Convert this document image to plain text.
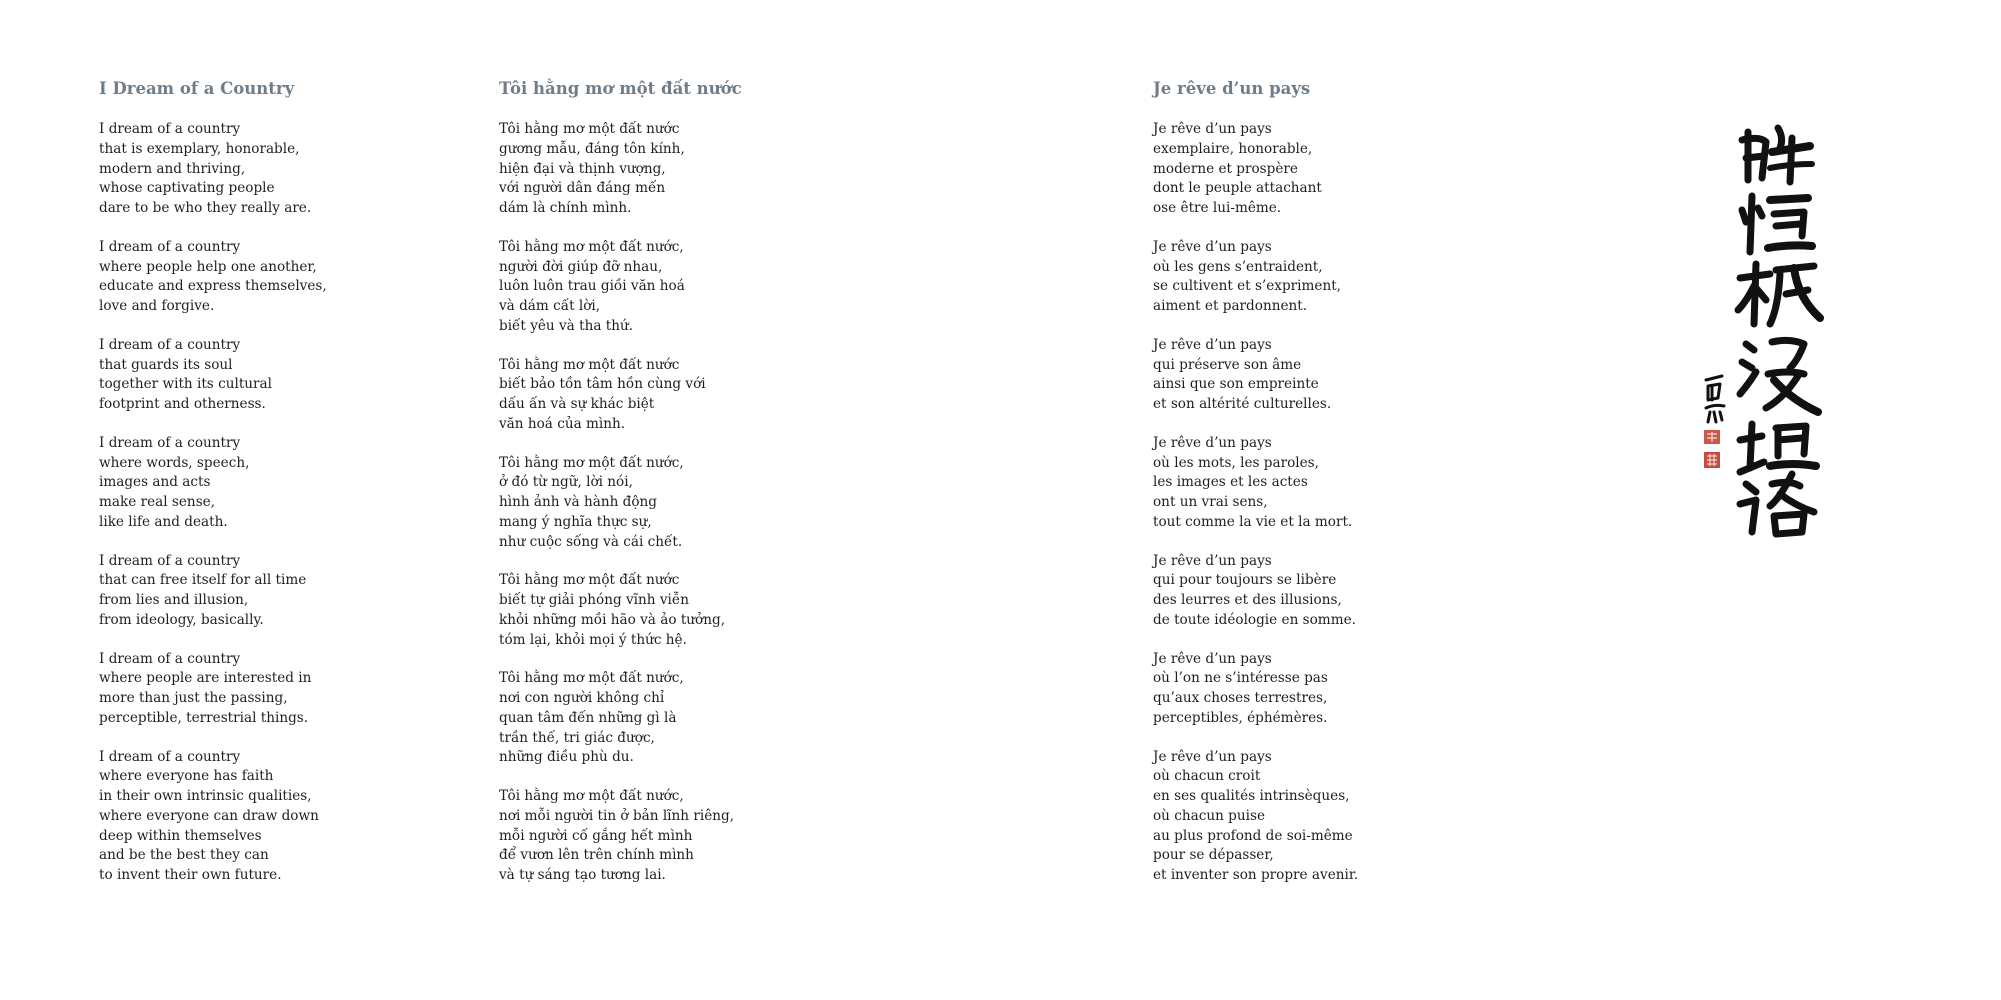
I Dream of a Country
I dream of a country
that is exemplary, honorable,
modern and thriving,
whose captivating people
dare to be who they really are.
I dream of a country
where people help one another,
educate and express themselves,
love and forgive.
I dream of a country
that guards its soul
together with its cultural
footprint and otherness.
I dream of a country
where words, speech,
images and acts
make real sense,
like life and death.
I dream of a country
that can free itself for all time
from lies and illusion,
from ideology, basically.
I dream of a country
where people are interested in
more than just the passing,
perceptible, terrestrial things.
I dream of a country
where everyone has faith
in their own intrinsic qualities,
where everyone can draw down
deep within themselves
and be the best they can
to invent their own future.
Tôi hằng mơ một đất nước
Tôi hằng mơ một đất nước
gương mẫu, đáng tôn kính,
hiện đại và thịnh vượng,
với người dân đáng mến
dám là chính mình.
Tôi hằng mơ một đất nước,
người đời giúp đỡ nhau,
luôn luôn trau giồi văn hoá
và dám cất lời,
biết yêu và tha thứ.
Tôi hằng mơ một đất nước
biết bảo tồn tâm hồn cùng với
dấu ấn và sự khác biệt
văn hoá của mình.
Tôi hằng mơ một đất nước,
ở đó từ ngữ, lời nói,
hình ảnh và hành động
mang ý nghĩa thực sự,
như cuộc sống và cái chết.
Tôi hằng mơ một đất nước
biết tự giải phóng vĩnh viễn
khỏi những mồi hão và ảo tưởng,
tóm lại, khỏi mọi ý thức hệ.
Tôi hằng mơ một đất nước,
nơi con người không chỉ
quan tâm đến những gì là
trần thế, tri giác được,
những điều phù du.
Tôi hằng mơ một đất nước,
nơi mỗi người tin ở bản lĩnh riêng,
mỗi người cố gắng hết mình
để vươn lên trên chính mình
và tự sáng tạo tương lai.
Je rêve d’un pays
Je rêve d’un pays
exemplaire, honorable,
moderne et prospère
dont le peuple attachant
ose être lui-même.
Je rêve d’un pays
où les gens s’entraident,
se cultivent et s’expriment,
aiment et pardonnent.
Je rêve d’un pays
qui préserve son âme
ainsi que son empreinte
et son altérité culturelles.
Je rêve d’un pays
où les mots, les paroles,
les images et les actes
ont un vrai sens,
tout comme la vie et la mort.
Je rêve d’un pays
qui pour toujours se libère
des leurres et des illusions,
de toute idéologie en somme.
Je rêve d’un pays
où l’on ne s’intéresse pas
qu’aux choses terrestres,
perceptibles, éphémères.
Je rêve d’un pays
où chacun croit
en ses qualités intrinsèques,
où chacun puise
au plus profond de soi-même
pour se dépasser,
et inventer son propre avenir.
